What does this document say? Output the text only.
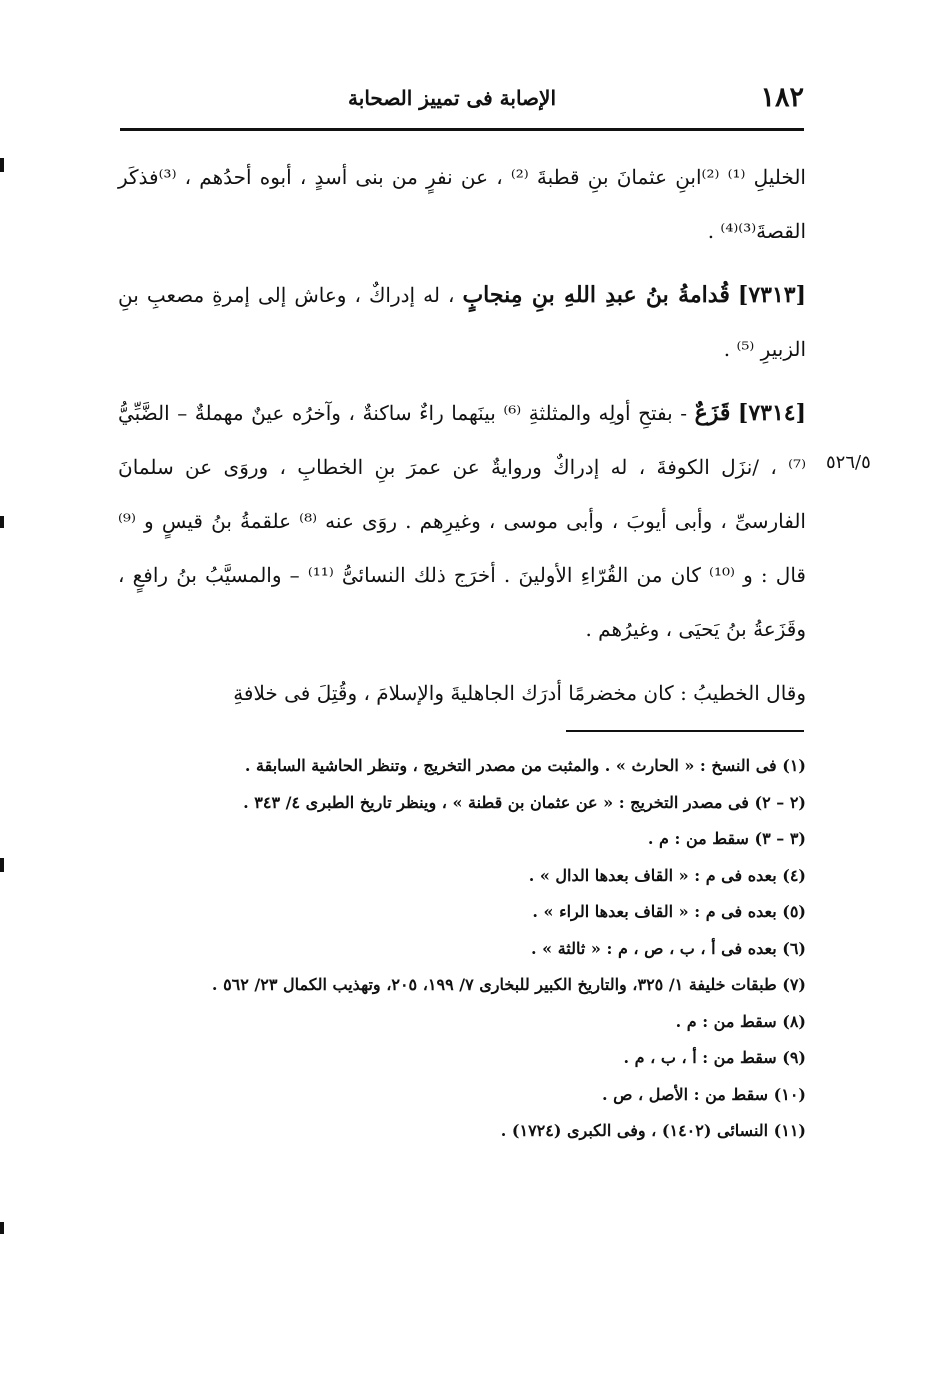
١٨٢
الإصابة فى تمييز الصحابة

الخليلِ ⁽¹⁾ ⁽²⁾ابنِ عثمانَ بنِ قطبةَ ⁽²⁾ ، عن نفرٍ من بنى أسدٍ ، أبوه أحدُهم ، ⁽³⁾فذكَر القصةَ⁽³⁾⁽⁴⁾ .

[٧٣١٣] قُدامةُ بنُ عبدِ اللهِ بنِ مِنجابٍ ، له إدراكٌ ، وعاش إلى إمرةِ مصعبِ بنِ الزبيرِ ⁽⁵⁾ .

[٧٣١٤] قَزَعٌ - بفتحِ أولِه والمثلثةِ ⁽⁶⁾ بينَهما راءٌ ساكنةٌ ، وآخرُه عينٌ مهملةٌ – الضَّبِّيُّ ⁽⁷⁾ ، /نزَل الكوفةَ ، له إدراكٌ وروايةٌ عن عمرَ بنِ الخطابِ ، وروَى عن سلمانَ الفارسىِّ ، وأبى أيوبَ ، وأبى موسى ، وغيرِهم . روَى عنه ⁽⁸⁾ علقمةُ بنُ قيسٍ و ⁽⁹⁾ قال : و ⁽¹⁰⁾ كان من القُرّاءِ الأولينَ . أخرَج ذلك النسائىُّ ⁽¹¹⁾ – والمسيَّبُ بنُ رافعٍ ، وقَزَعةُ بنُ يَحيَى ، وغيرُهم .

وقال الخطيبُ : كان مخضرمًا أدرَك الجاهليةَ والإسلامَ ، وقُتِلَ فى خلافةِ

٥٢٦/٥

(١) فى النسخ : « الحارث » . والمثبت من مصدر التخريج ، وتنظر الحاشية السابقة .

(٢ – ٢) فى مصدر التخريج : « عن عثمان بن قطنة » ، وينظر تاريخ الطبرى ٤/ ٣٤٣ .

(٣ – ٣) سقط من : م .

(٤) بعده فى م : « القاف بعدها الدال » .

(٥) بعده فى م : « القاف بعدها الراء » .

(٦) بعده فى أ ، ب ، ص ، م : « ثالثة » .

(٧) طبقات خليفة ١/ ٣٢٥، والتاريخ الكبير للبخارى ٧/ ١٩٩، ٢٠٥، وتهذيب الكمال ٢٣/ ٥٦٢ .

(٨) سقط من : م .

(٩) سقط من : أ ، ب ، م .

(١٠) سقط من : الأصل ، ص .

(١١) النسائى (١٤٠٢) ، وفى الكبرى (١٧٢٤) .
